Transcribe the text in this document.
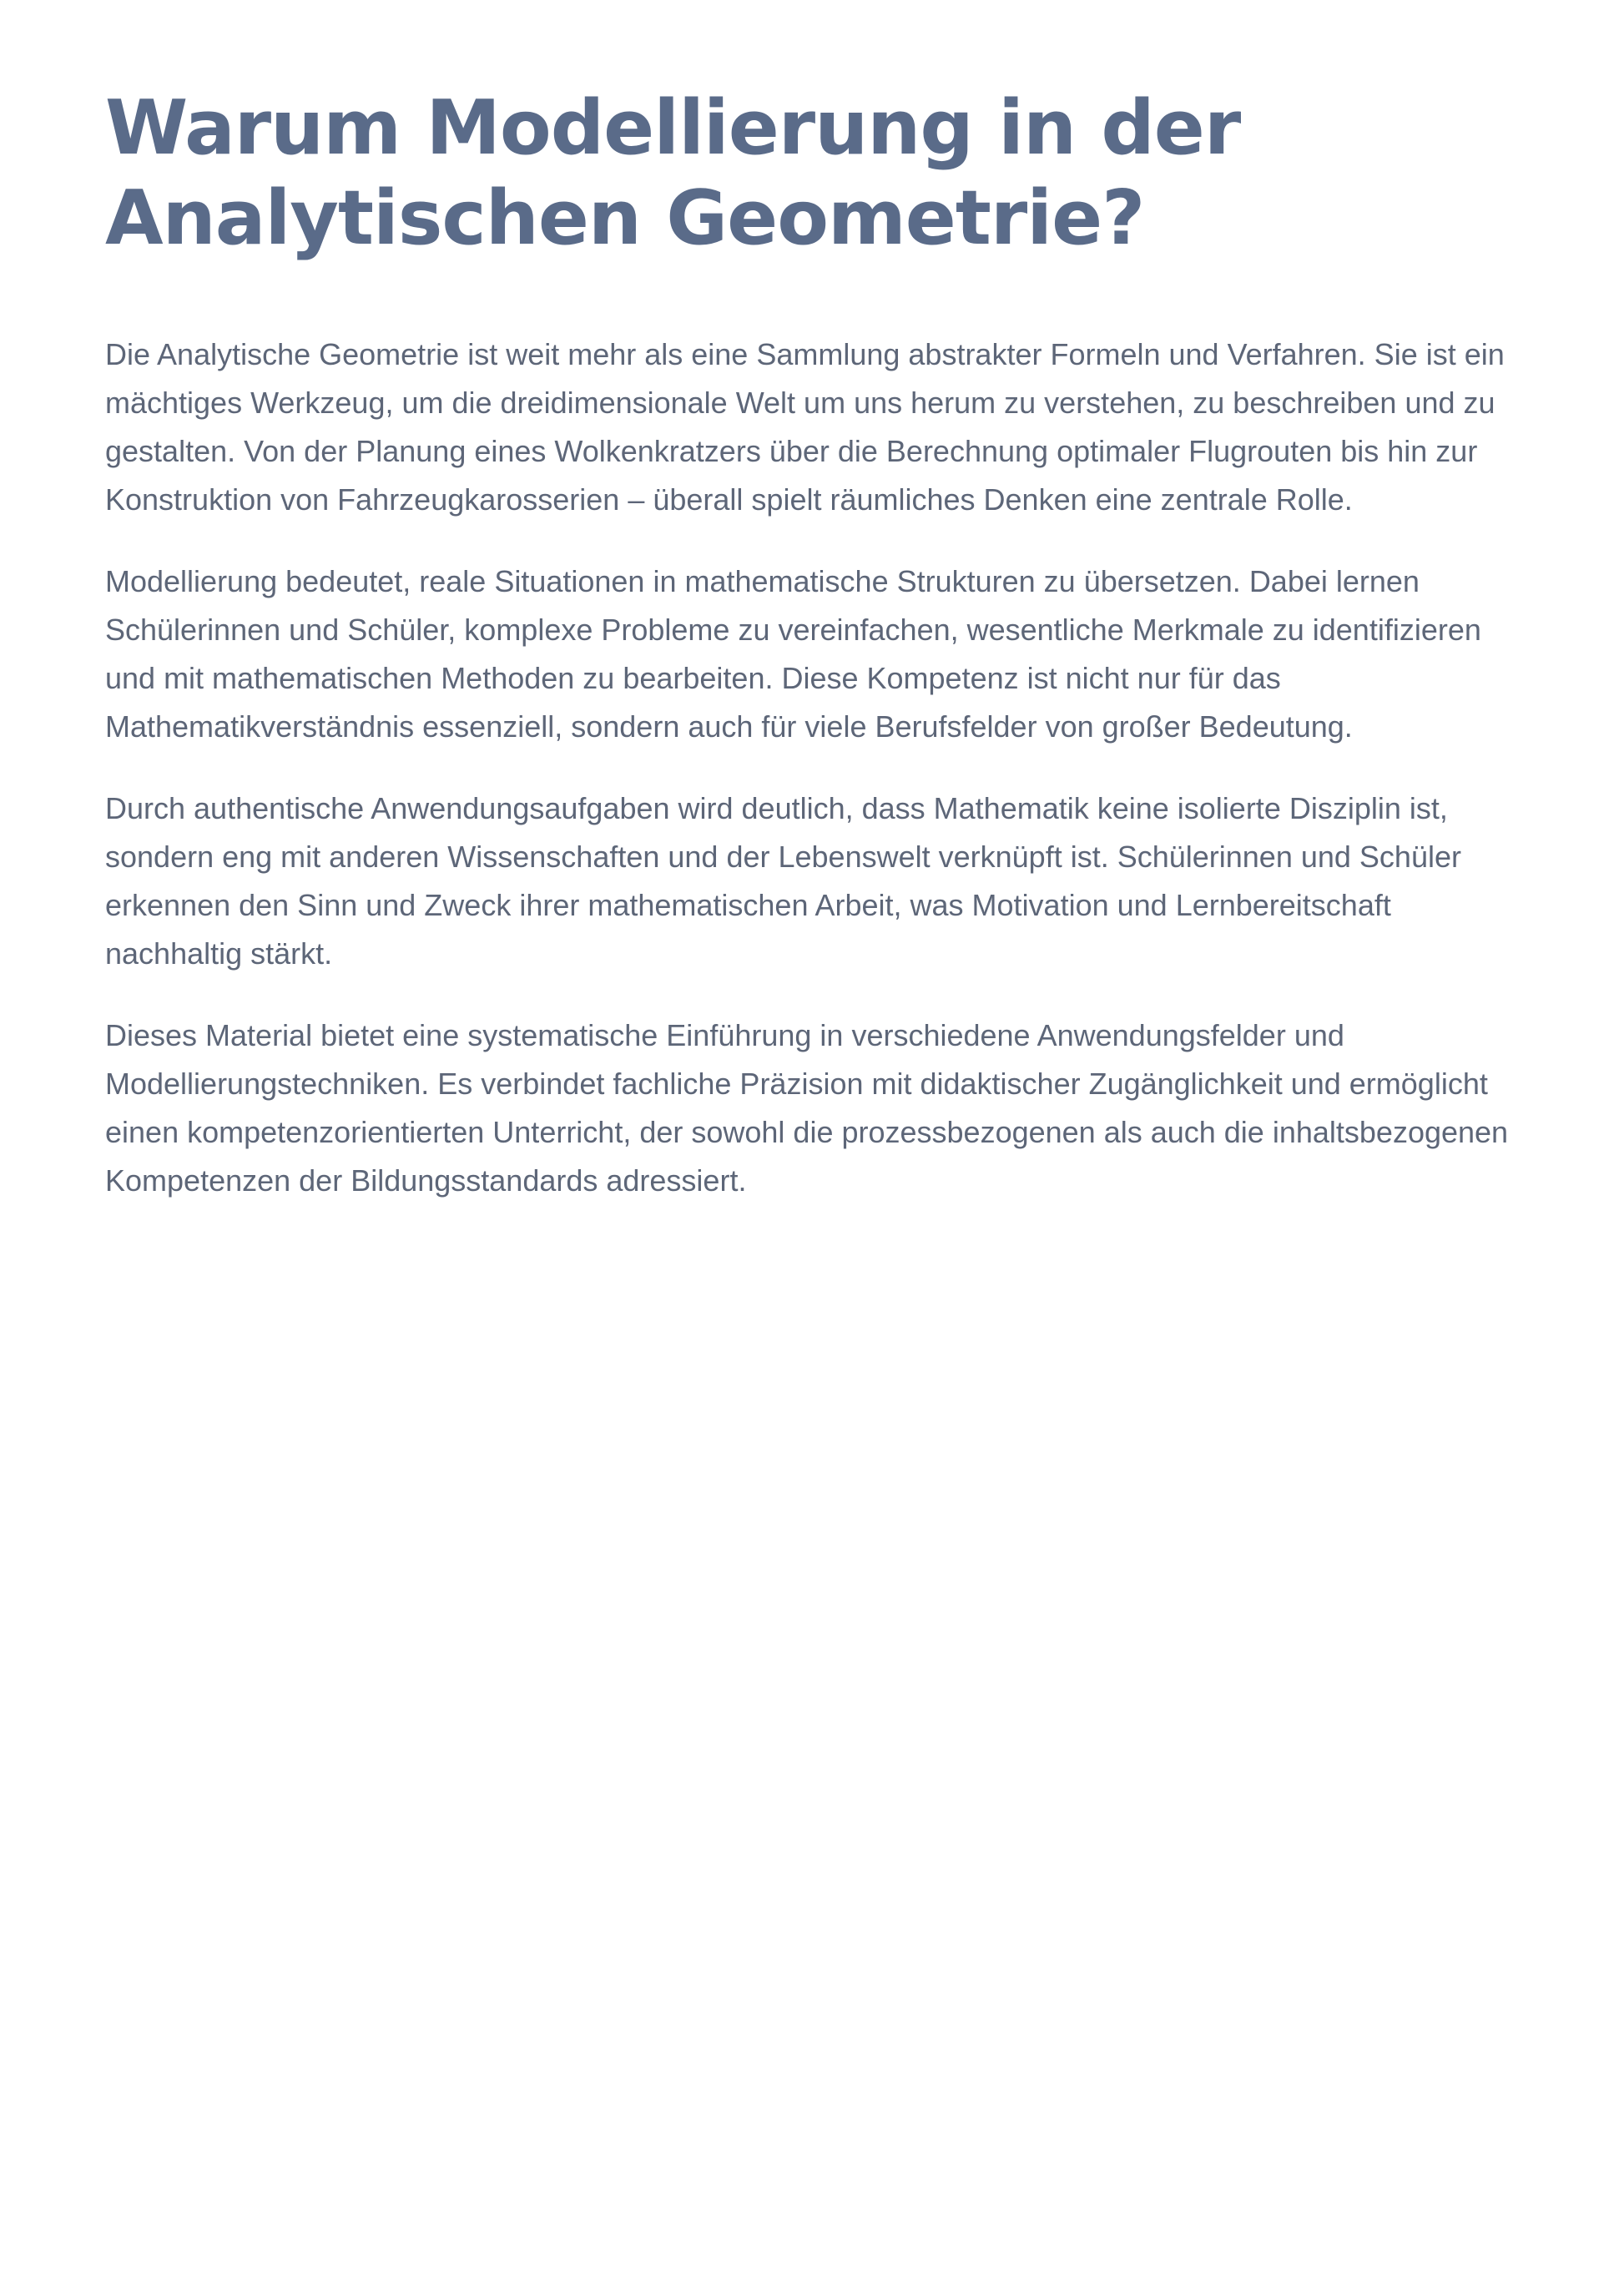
Warum Modellierung in der Analytischen Geometrie?

Die Analytische Geometrie ist weit mehr als eine Sammlung abstrakter Formeln und Verfahren. Sie ist ein mächtiges Werkzeug, um die dreidimensionale Welt um uns herum zu verstehen, zu beschreiben und zu gestalten. Von der Planung eines Wolkenkratzers über die Berechnung optimaler Flugrouten bis hin zur Konstruktion von Fahrzeugkarosserien – überall spielt räumliches Denken eine zentrale Rolle.

Modellierung bedeutet, reale Situationen in mathematische Strukturen zu übersetzen. Dabei lernen Schülerinnen und Schüler, komplexe Probleme zu vereinfachen, wesentliche Merkmale zu identifizieren und mit mathematischen Methoden zu bearbeiten. Diese Kompetenz ist nicht nur für das Mathematikverständnis essenziell, sondern auch für viele Berufsfelder von großer Bedeutung.

Durch authentische Anwendungsaufgaben wird deutlich, dass Mathematik keine isolierte Disziplin ist, sondern eng mit anderen Wissenschaften und der Lebenswelt verknüpft ist. Schülerinnen und Schüler erkennen den Sinn und Zweck ihrer mathematischen Arbeit, was Motivation und Lernbereitschaft nachhaltig stärkt.

Dieses Material bietet eine systematische Einführung in verschiedene Anwendungsfelder und Modellierungstechniken. Es verbindet fachliche Präzision mit didaktischer Zugänglichkeit und ermöglicht einen kompetenzorientierten Unterricht, der sowohl die prozessbezogenen als auch die inhaltsbezogenen Kompetenzen der Bildungsstandards adressiert.
